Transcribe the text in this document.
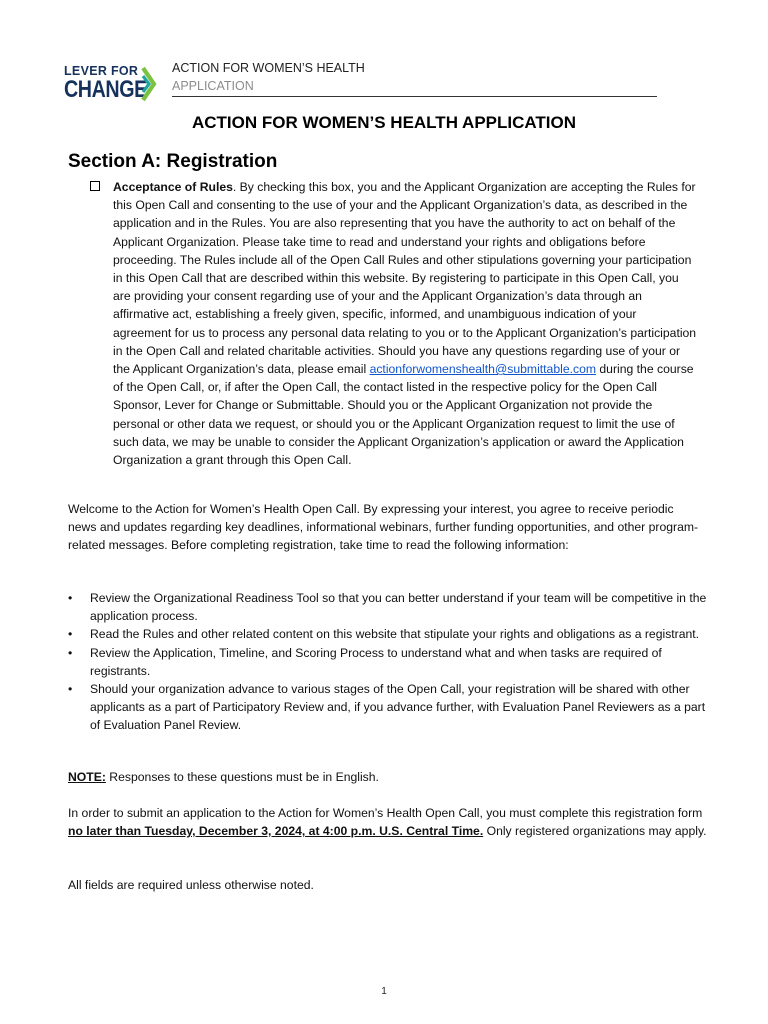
LEVER FOR
CHANGE
ACTION FOR WOMEN’S HEALTH
APPLICATION
ACTION FOR WOMEN’S HEALTH APPLICATION
Section A: Registration
Acceptance of Rules. By checking this box, you and the Applicant Organization are accepting the Rules for this Open Call and consenting to the use of your and the Applicant Organization’s data, as described in the application and in the Rules. You are also representing that you have the authority to act on behalf of the Applicant Organization. Please take time to read and understand your rights and obligations before proceeding. The Rules include all of the Open Call Rules and other stipulations governing your participation in this Open Call that are described within this website. By registering to participate in this Open Call, you are providing your consent regarding use of your and the Applicant Organization’s data through an affirmative act, establishing a freely given, specific, informed, and unambiguous indication of your agreement for us to process any personal data relating to you or to the Applicant Organization’s participation in the Open Call and related charitable activities. Should you have any questions regarding use of your or the Applicant Organization’s data, please email actionforwomenshealth@submittable.com during the course of the Open Call, or, if after the Open Call, the contact listed in the respective policy for the Open Call Sponsor, Lever for Change or Submittable. Should you or the Applicant Organization not provide the personal or other data we request, or should you or the Applicant Organization request to limit the use of such data, we may be unable to consider the Applicant Organization’s application or award the Application Organization a grant through this Open Call.
Welcome to the Action for Women’s Health Open Call. By expressing your interest, you agree to receive periodic news and updates regarding key deadlines, informational webinars, further funding opportunities, and other program-related messages. Before completing registration, take time to read the following information:
• Review the Organizational Readiness Tool so that you can better understand if your team will be competitive in the application process.
• Read the Rules and other related content on this website that stipulate your rights and obligations as a registrant.
• Review the Application, Timeline, and Scoring Process to understand what and when tasks are required of registrants.
• Should your organization advance to various stages of the Open Call, your registration will be shared with other applicants as a part of Participatory Review and, if you advance further, with Evaluation Panel Reviewers as a part of Evaluation Panel Review.
NOTE: Responses to these questions must be in English.
In order to submit an application to the Action for Women’s Health Open Call, you must complete this registration form no later than Tuesday, December 3, 2024, at 4:00 p.m. U.S. Central Time. Only registered organizations may apply.
All fields are required unless otherwise noted.
1
